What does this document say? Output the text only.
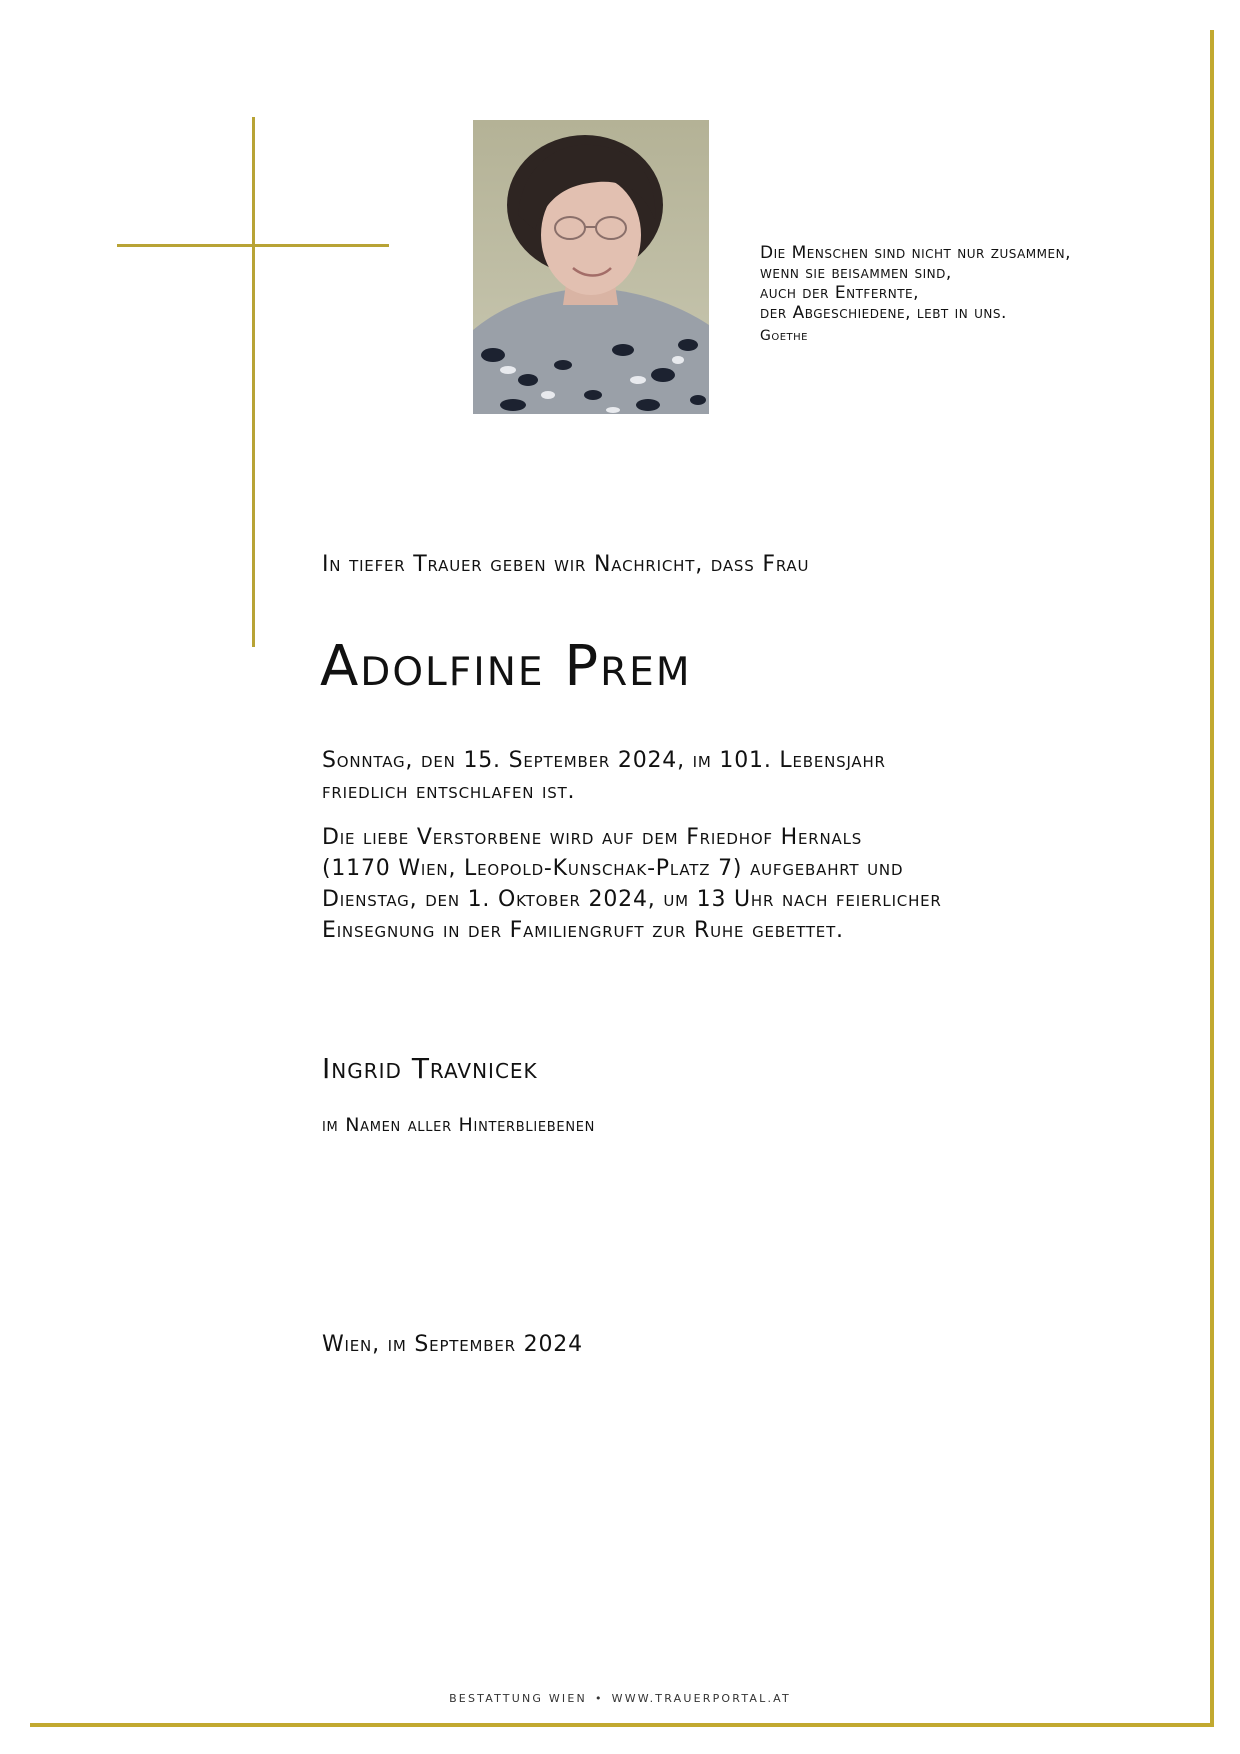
Die Menschen sind nicht nur zusammen,
wenn sie beisammen sind,
auch der Entfernte,
der Abgeschiedene, lebt in uns.
Goethe
In tiefer Trauer geben wir Nachricht, dass Frau
Adolfine Prem
Sonntag, den 15. September 2024, im 101. Lebensjahr
friedlich entschlafen ist.
Die liebe Verstorbene wird auf dem Friedhof Hernals
(1170 Wien, Leopold-Kunschak-Platz 7) aufgebahrt und
Dienstag, den 1. Oktober 2024, um 13 Uhr nach feierlicher
Einsegnung in der Familiengruft zur Ruhe gebettet.
Ingrid Travnicek
im Namen aller Hinterbliebenen
Wien, im September 2024
BESTATTUNG WIEN • WWW.TRAUERPORTAL.AT
